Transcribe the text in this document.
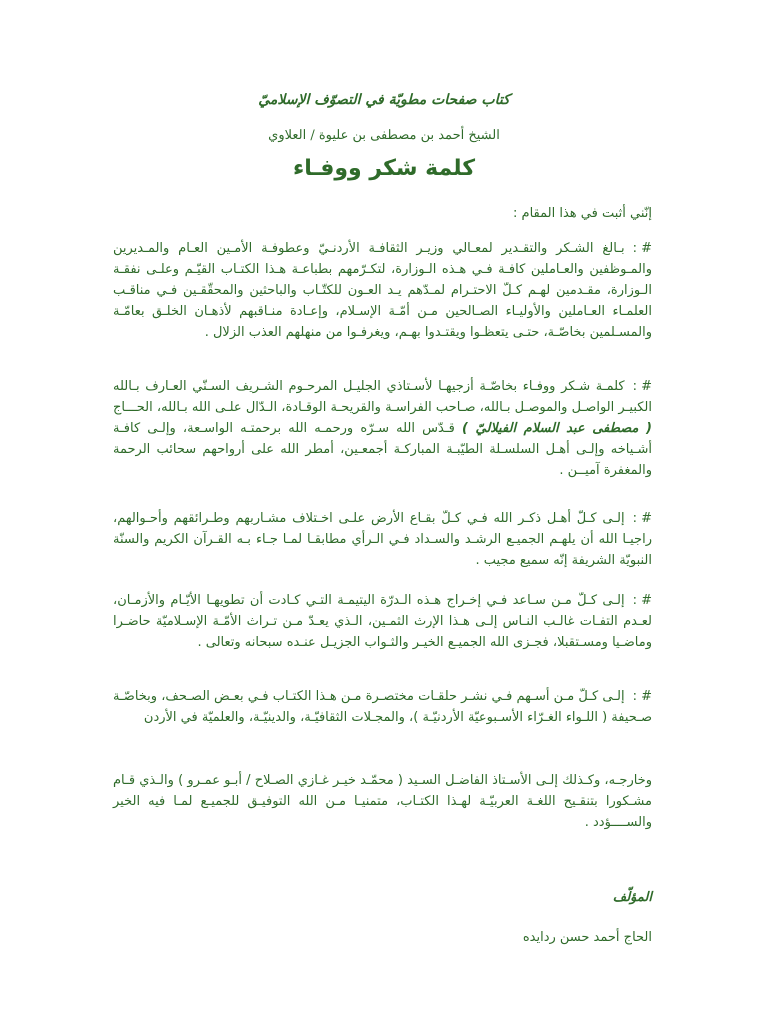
كتاب صفحات مطويّة في التصوّف الإسلاميّ
الشيخ أحمد بن مصطفى بن عليوة / العلاوي
كلمة شكر ووفـاء
إنّني أثبت في هذا المقام :
# :بـالغ الشـكر والتقـدير لمعـالي وزيـر الثقافـة الأردنـيّ وعطوفـة الأمـين العـام والمـديرين والمـوظفين والعـاملين كافـة فـي هـذه الـوزارة، لتكـرّمهم بطباعـة هـذا الكتـاب القيّـم وعلـى نفقـة الـوزارة، مقـدمين لهـم كـلّ الاحتـرام لمـدّهم يـد العـون للكتّـاب والباحثين والمحقّقـين فـي مناقـب العلمـاء العـاملين والأوليـاء الصـالحين مـن أمّـة الإسـلام، وإعـادة منـاقبهم لأذهـان الخلـق بعامّـة والمسـلمين بخاصّـة، حتـى يتعظـوا ويقتـدوا بهـم، ويغرفـوا من منهلهم العذب الزلال .
# :كلمـة شـكر ووفـاء بخاصّـة أزجيهـا لأسـتاذي الجليـل المرحـوم الشـريف السـنّي العـارف بـالله الكبيـر الواصـل والموصـل بـالله، صـاحب الفراسـة والقريحـة الوقـادة، الـدّال علـى الله بـالله، الحـــاج ( مصطفى عبد السلام الفيلاليّ ) قـدّس الله سـرّه ورحمـه الله برحمتـه الواسـعة، وإلـى كافـة أشـياخه وإلـى أهـل السلسـلة الطيّبـة المباركـة أجمعـين، أمطر الله على أرواحهم سحائب الرحمة والمغفرة آميــن .
# :إلـى كـلّ أهـل ذكـر الله فـي كـلّ بقـاع الأرض علـى اخـتلاف مشـاربهم وطـرائقهم وأحـوالهم، راجيـا الله أن يلهـم الجميـع الرشـد والسـداد فـي الـرأي مطابقـا لمـا جـاء بـه القـرآن الكريم والسنّة النبويّة الشريفة إنّه سميع مجيب .
# :إلـى كـلّ مـن سـاعد فـي إخـراج هـذه الـدرّة اليتيمـة التـي كـادت أن تطويهـا الأيّـام والأزمـان، لعـدم التفـات غالـب النـاس إلـى هـذا الإرث الثمـين، الـذي يعـدّ مـن تـراث الأمّـة الإسـلاميّة حاضـرا وماضـيا ومسـتقبلا، فجـزى الله الجميـع الخيـر والثـواب الجزيـل عنـده سبحانه وتعالى .
# :إلـى كـلّ مـن أسـهم فـي نشـر حلقـات مختصـرة مـن هـذا الكتـاب فـي بعـض الصـحف، وبخاصّـة صـحيفة ( اللـواء الغـرّاء الأسـبوعيّة الأردنيّـة )، والمجـلات الثقافيّـة، والدينيّـة، والعلميّة في الأردن
وخارجـه، وكـذلك إلـى الأسـتاذ الفاضـل السـيد ( محمّـد خيـر غـازي الصـلاح / أبـو عمـرو ) والـذي قـام مشـكورا بتنقـيح اللغـة العربيّـة لهـذا الكتـاب، متمنيـا مـن الله التوفيـق للجميـع لمـا فيه الخير والســــؤدد .
المؤلّف
الحاج أحمد حسن ردايده
